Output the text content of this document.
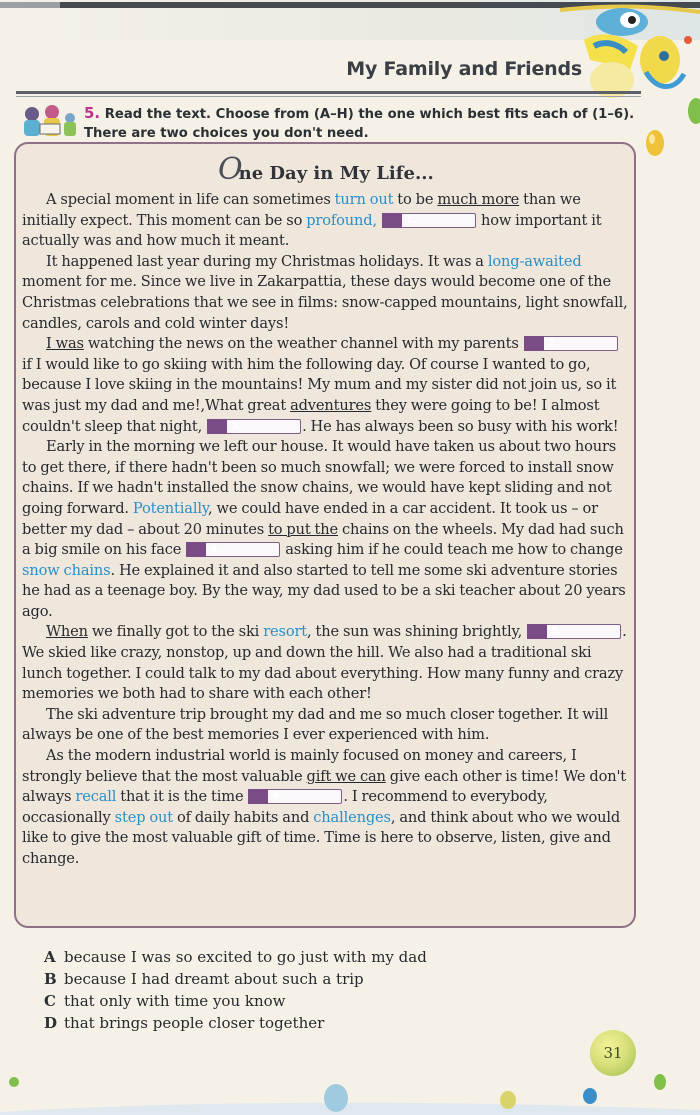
My Family and Friends
5. Read the text. Choose from (A–H) the one which best fits each of (1–6). There are two choices you don't need.
One Day in My Life...

A special moment in life can sometimes turn out to be much more than we initially expect. This moment can be so profound,	1.	how important it actually was and how much it meant.

It happened last year during my Christmas holidays. It was a long-awaited moment for me. Since we live in Zakarpattia, these days would become one of the Christmas celebrations that we see in films: snow-capped mountains, light snowfall, candles, carols and cold winter days!

I was watching the news on the weather channel with my parents	2.
if I would like to go skiing with him the following day. Of course I wanted to go, because I love skiing in the mountains! My mum and my sister did not join us, so it was just my dad and me!,What great adventures they were going to be! I almost couldn't sleep that night,	3.	. He has always been so busy with his work!

Early in the morning we left our house. It would have taken us about two hours to get there, if there hadn't been so much snowfall; we were forced to install snow chains. If we hadn't installed the snow chains, we would have kept sliding and not going forward. Potentially, we could have ended in a car accident. It took us – or better my dad – about 20 minutes to put the chains on the wheels. My dad had such a big smile on his face	4.	asking him if he could teach me how to change snow chains. He explained it and also started to tell me some ski adventure stories he had as a teenage boy. By the way, my dad used to be a ski teacher about 20 years ago.

When we finally got to the ski resort, the sun was shining brightly,	5.	. We skied like crazy, nonstop, up and down the hill. We also had a traditional ski lunch together. I could talk to my dad about everything. How many funny and crazy memories we both had to share with each other!

The ski adventure trip brought my dad and me so much closer together. It will always be one of the best memories I ever experienced with him.

As the modern industrial world is mainly focused on money and careers, I strongly believe that the most valuable gift we can give each other is time! We don't always recall that it is the time	6.	. I recommend to everybody, occasionally step out of daily habits and challenges, and think about who we would like to give the most valuable gift of time. Time is here to observe, listen, give and change.

A because I was so excited to go just with my dad
B because I had dreamt about such a trip
C that only with time you know
D that brings people closer together
31
